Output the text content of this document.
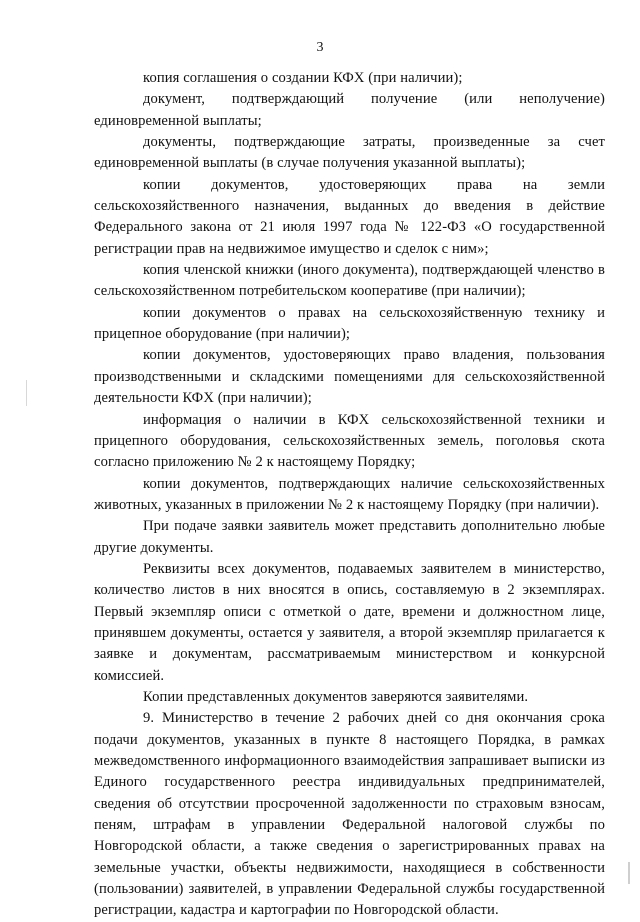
3

копия соглашения о создании КФХ (при наличии);

документ, подтверждающий получение (или неполучение) единовременной выплаты;

документы, подтверждающие затраты, произведенные за счет единовременной выплаты (в случае получения указанной выплаты);

копии документов, удостоверяющих права на земли сельскохозяйственного назначения, выданных до введения в действие Федерального закона от 21 июля 1997 года № 122-ФЗ «О государственной регистрации прав на недвижимое имущество и сделок с ним»;

копия членской книжки (иного документа), подтверждающей членство в сельскохозяйственном потребительском кооперативе (при наличии);

копии документов о правах на сельскохозяйственную технику и прицепное оборудование (при наличии);

копии документов, удостоверяющих право владения, пользования производственными и складскими помещениями для сельскохозяйственной деятельности КФХ (при наличии);

информация о наличии в КФХ сельскохозяйственной техники и прицепного оборудования, сельскохозяйственных земель, поголовья скота согласно приложению № 2 к настоящему Порядку;

копии документов, подтверждающих наличие сельскохозяйственных животных, указанных в приложении № 2 к настоящему Порядку (при наличии).

При подаче заявки заявитель может представить дополнительно любые другие документы.

Реквизиты всех документов, подаваемых заявителем в министерство, количество листов в них вносятся в опись, составляемую в 2 экземплярах. Первый экземпляр описи с отметкой о дате, времени и должностном лице, принявшем документы, остается у заявителя, а второй экземпляр прилагается к заявке и документам, рассматриваемым министерством и конкурсной комиссией.

Копии представленных документов заверяются заявителями.

9. Министерство в течение 2 рабочих дней со дня окончания срока подачи документов, указанных в пункте 8 настоящего Порядка, в рамках межведомственного информационного взаимодействия запрашивает выписки из Единого государственного реестра индивидуальных предпринимателей, сведения об отсутствии просроченной задолженности по страховым взносам, пеням, штрафам в управлении Федеральной налоговой службы по Новгородской области, а также сведения о зарегистрированных правах на земельные участки, объекты недвижимости, находящиеся в собственности (пользовании) заявителей, в управлении Федеральной службы государственной регистрации, кадастра и картографии по Новгородской области.
